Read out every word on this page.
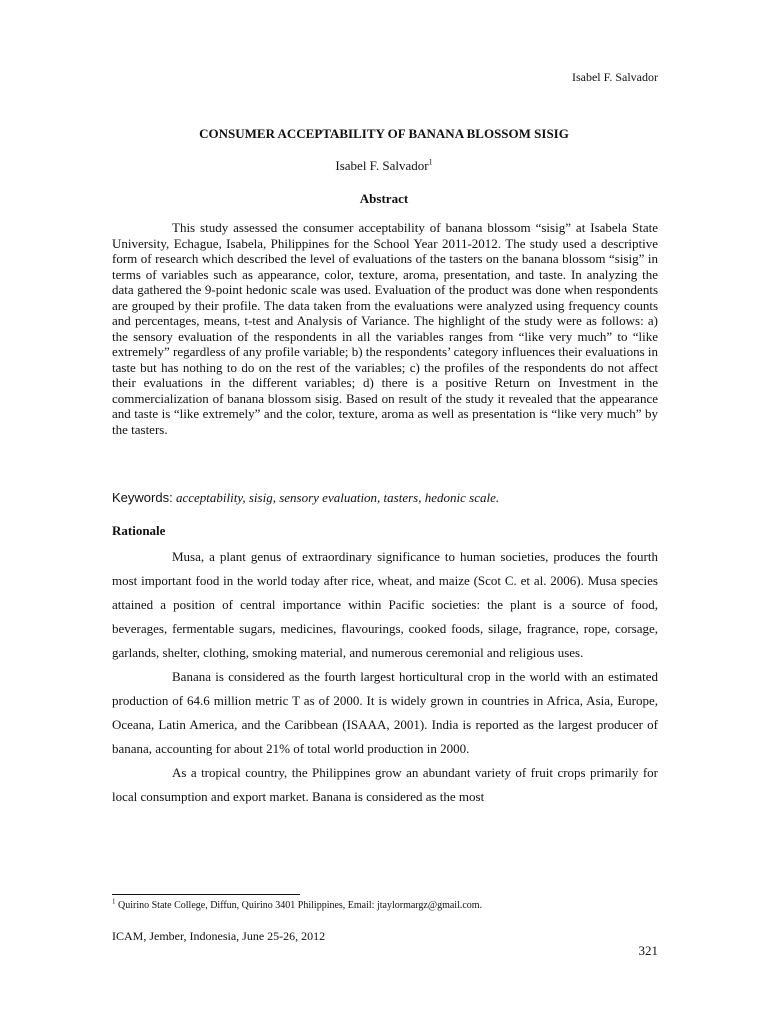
Isabel F. Salvador
CONSUMER ACCEPTABILITY OF BANANA BLOSSOM SISIG
Isabel F. Salvador$^1$
Abstract

This study assessed the consumer acceptability of banana blossom “sisig” at Isabela State University, Echague, Isabela, Philippines for the School Year 2011-2012. The study used a descriptive form of research which described the level of evaluations of the tasters on the banana blossom “sisig” in terms of variables such as appearance, color, texture, aroma, presentation, and taste. In analyzing the data gathered the 9-point hedonic scale was used. Evaluation of the product was done when respondents are grouped by their profile. The data taken from the evaluations were analyzed using frequency counts and percentages, means, t-test and Analysis of Variance. The highlight of the study were as follows: a) the sensory evaluation of the respondents in all the variables ranges from “like very much” to “like extremely” regardless of any profile variable; b) the respondents’ category influences their evaluations in taste but has nothing to do on the rest of the variables; c) the profiles of the respondents do not affect their evaluations in the different variables; d) there is a positive Return on Investment in the commercialization of banana blossom sisig. Based on result of the study it revealed that the appearance and taste is “like extremely” and the color, texture, aroma as well as presentation is “like very much” by the tasters.

Keywords: acceptability, sisig, sensory evaluation, tasters, hedonic scale.
Rationale

Musa, a plant genus of extraordinary significance to human societies, produces the fourth most important food in the world today after rice, wheat, and maize (Scot C. et al. 2006). Musa species attained a position of central importance within Pacific societies: the plant is a source of food, beverages, fermentable sugars, medicines, flavourings, cooked foods, silage, fragrance, rope, corsage, garlands, shelter, clothing, smoking material, and numerous ceremonial and religious uses.

Banana is considered as the fourth largest horticultural crop in the world with an estimated production of 64.6 million metric T as of 2000. It is widely grown in countries in Africa, Asia, Europe, Oceana, Latin America, and the Caribbean (ISAAA, 2001). India is reported as the largest producer of banana, accounting for about 21% of total world production in 2000.

As a tropical country, the Philippines grow an abundant variety of fruit crops primarily for local consumption and export market. Banana is considered as the most

$^1$ Quirino State College, Diffun, Quirino 3401 Philippines, Email: jtaylormargz@gmail.com.
ICAM, Jember, Indonesia, June 25-26, 2012
321
